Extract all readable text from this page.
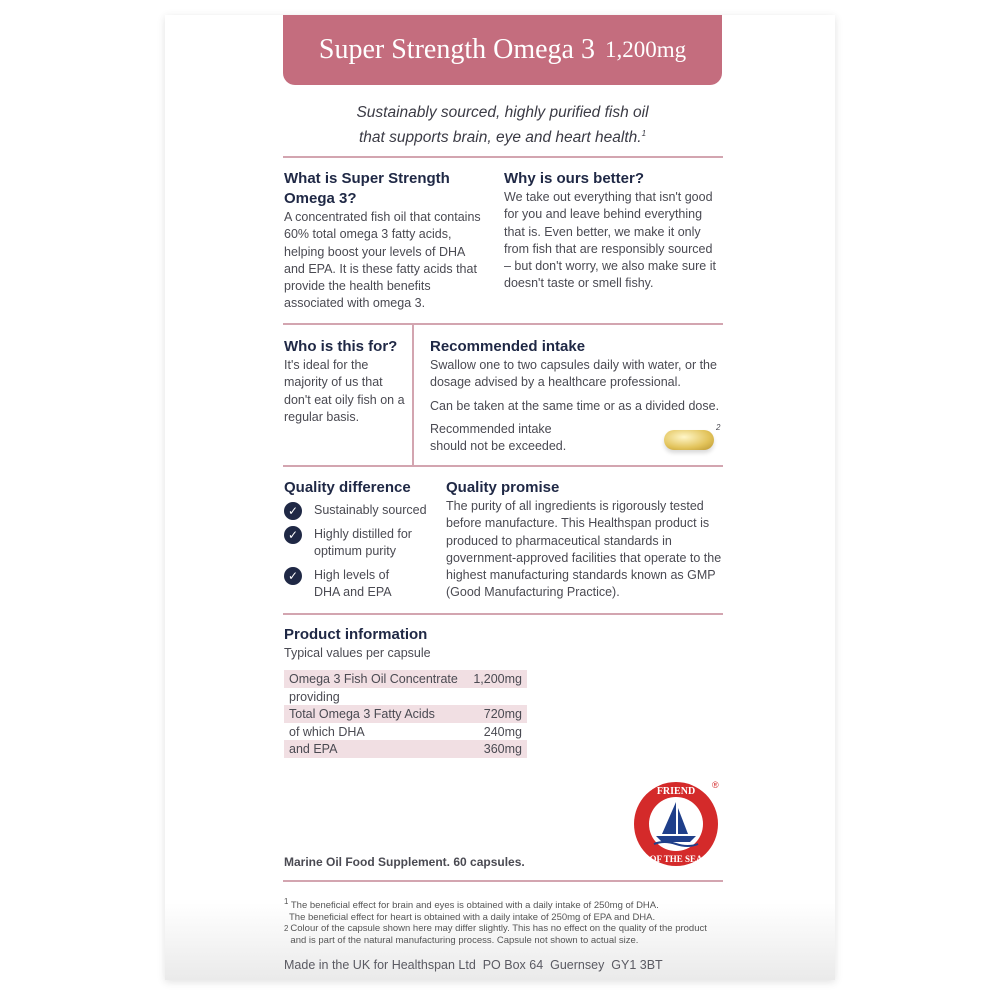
Super Strength Omega 3 1,200mg
Sustainably sourced, highly purified fish oil
that supports brain, eye and heart health.$^1$
What is Super Strength Omega 3?

A concentrated fish oil that contains 60% total omega 3 fatty acids, helping boost your levels of DHA and EPA. It is these fatty acids that provide the health benefits associated with omega 3.

Why is ours better?

We take out everything that isn't good for you and leave behind everything that is. Even better, we make it only from fish that are responsibly sourced – but don't worry, we also make sure it doesn't taste or smell fishy.

Who is this for?

It's ideal for the majority of us that don't eat oily fish on a regular basis.

Recommended intake

Swallow one to two capsules daily with water, or the dosage advised by a healthcare professional.

Can be taken at the same time or as a divided dose.

Recommended intake should not be exceeded.

2
Quality difference
✓	Sustainably sourced

✓	Highly distilled for optimum purity

✓	High levels of DHA and EPA

Quality promise

The purity of all ingredients is rigorously tested before manufacture. This Healthspan product is produced to pharmaceutical standards in government-approved facilities that operate to the highest manufacturing standards known as GMP (Good Manufacturing Practice).

Product information

Typical values per capsule

Omega 3 Fish Oil Concentrate	1,200mg
providing	
Total Omega 3 Fatty Acids	720mg
of which DHA	240mg
and EPA	360mg
FRIEND
OF THE SEA
®
Marine Oil Food Supplement. 60 capsules.
$^1$ The beneficial effect for brain and eyes is obtained with a daily intake of 250mg of DHA.
The beneficial effect for heart is obtained with a daily intake of 250mg of EPA and DHA.
2 Colour of the capsule shown here may differ slightly. This has no effect on the quality of the product and is part of the natural manufacturing process. Capsule not shown to actual size.
Made in the UK for Healthspan Ltd  PO Box 64  Guernsey  GY1 3BT
